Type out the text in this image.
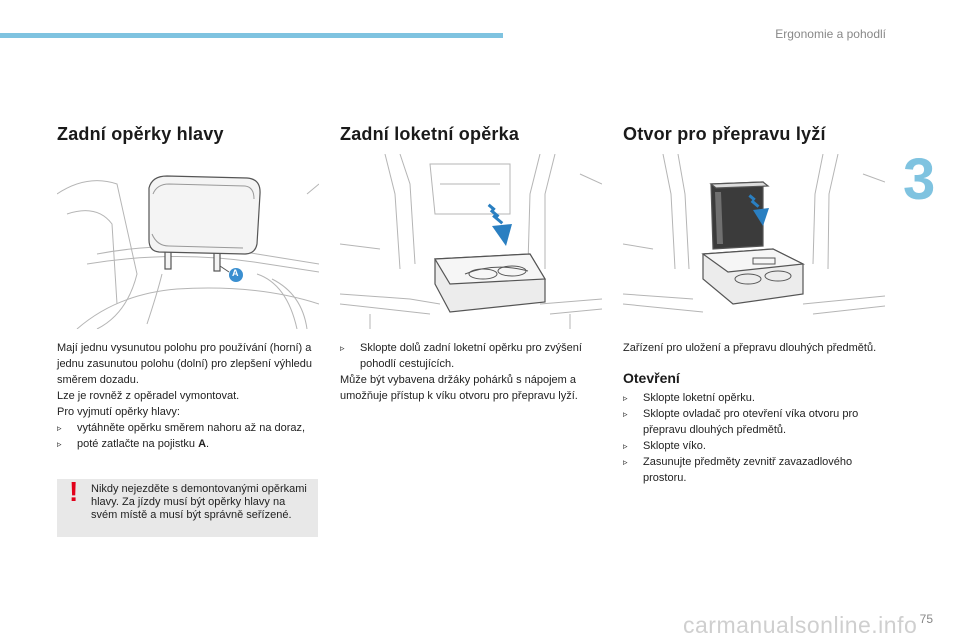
Ergonomie a pohodlí
3
Zadní opěrky hlavy
A

Mají jednu vysunutou polohu pro používání (horní) a jednu zasunutou polohu (dolní) pro zlepšení výhledu směrem dozadu.

Lze je rovněž z opěradel vymontovat.

Pro vyjmutí opěrky hlavy:

▹	vytáhněte opěrku směrem nahoru až na doraz,
▹	poté zatlačte na pojistku A.
! Nikdy nejezděte s demontovanými opěrkami hlavy. Za jízdy musí být opěrky hlavy na svém místě a musí být správně seřízené.
Zadní loketní opěrka
▹	Sklopte dolů zadní loketní opěrku pro zvýšení pohodlí cestujících.

Může být vybavena držáky pohárků s nápojem a umožňuje přístup k víku otvoru pro přepravu lyží.

Otvor pro přepravu lyží

Zařízení pro uložení a přepravu dlouhých předmětů.

Otevření
▹	Sklopte loketní opěrku.
▹	Sklopte ovladač pro otevření víka otvoru pro přepravu dlouhých předmětů.
▹	Sklopte víko.
▹	Zasunujte předměty zevnitř zavazadlového prostoru.
75
carmanualsonline.info
